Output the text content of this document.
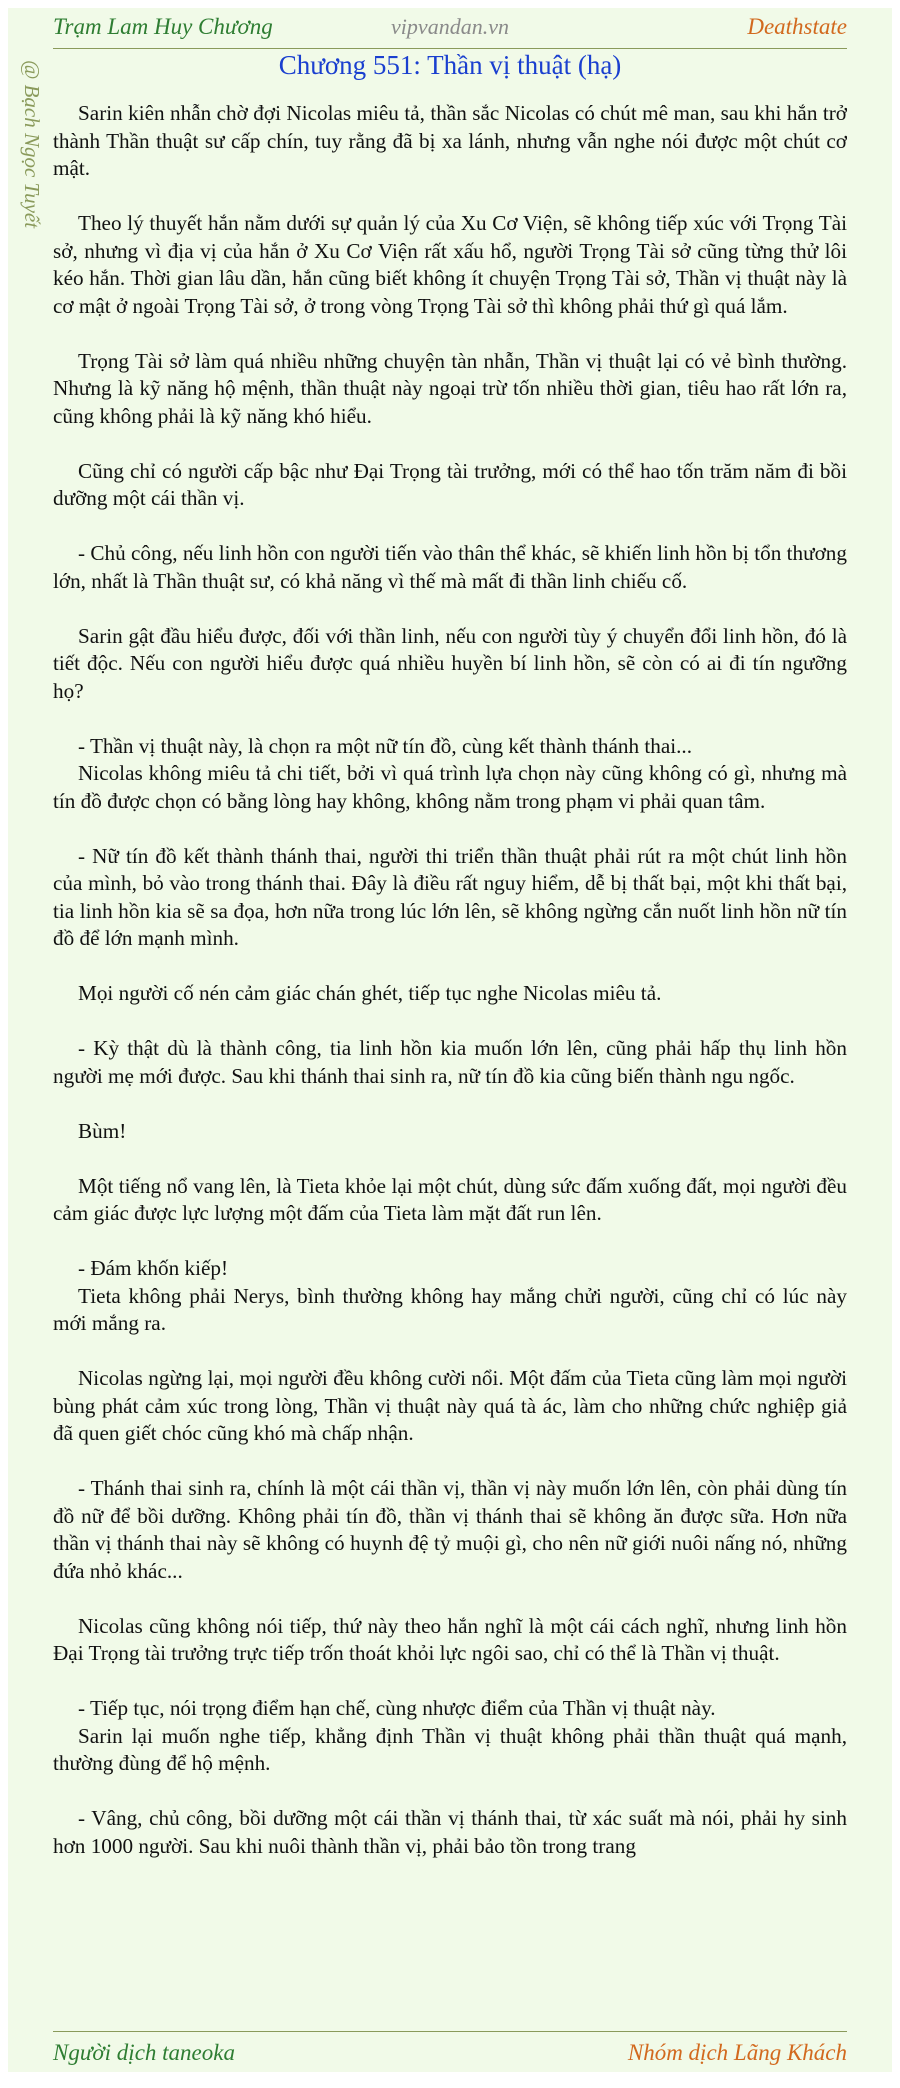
Trạm Lam Huy Chương	vipvandan.vn	Deathstate
@ Bạch Ngọc Tuyết	Chương 551: Thần vị thuật (hạ)

Sarin kiên nhẫn chờ đợi Nicolas miêu tả, thần sắc Nicolas có chút mê man, sau khi hắn trở thành Thần thuật sư cấp chín, tuy rằng đã bị xa lánh, nhưng vẫn nghe nói được một chút cơ mật.

Theo lý thuyết hắn nằm dưới sự quản lý của Xu Cơ Viện, sẽ không tiếp xúc với Trọng Tài sở, nhưng vì địa vị của hắn ở Xu Cơ Viện rất xấu hổ, người Trọng Tài sở cũng từng thử lôi kéo hắn. Thời gian lâu dần, hắn cũng biết không ít chuyện Trọng Tài sở, Thần vị thuật này là cơ mật ở ngoài Trọng Tài sở, ở trong vòng Trọng Tài sở thì không phải thứ gì quá lắm.

Trọng Tài sở làm quá nhiều những chuyện tàn nhẫn, Thần vị thuật lại có vẻ bình thường. Nhưng là kỹ năng hộ mệnh, thần thuật này ngoại trừ tốn nhiều thời gian, tiêu hao rất lớn ra, cũng không phải là kỹ năng khó hiểu.

Cũng chỉ có người cấp bậc như Đại Trọng tài trưởng, mới có thể hao tốn trăm năm đi bồi dưỡng một cái thần vị.

- Chủ công, nếu linh hồn con người tiến vào thân thể khác, sẽ khiến linh hồn bị tổn thương lớn, nhất là Thần thuật sư, có khả năng vì thế mà mất đi thần linh chiếu cố.

Sarin gật đầu hiểu được, đối với thần linh, nếu con người tùy ý chuyển đổi linh hồn, đó là tiết độc. Nếu con người hiểu được quá nhiều huyền bí linh hồn, sẽ còn có ai đi tín ngưỡng họ?

- Thần vị thuật này, là chọn ra một nữ tín đồ, cùng kết thành thánh thai...

Nicolas không miêu tả chi tiết, bởi vì quá trình lựa chọn này cũng không có gì, nhưng mà tín đồ được chọn có bằng lòng hay không, không nằm trong phạm vi phải quan tâm.

- Nữ tín đồ kết thành thánh thai, người thi triển thần thuật phải rút ra một chút linh hồn của mình, bỏ vào trong thánh thai. Đây là điều rất nguy hiểm, dễ bị thất bại, một khi thất bại, tia linh hồn kia sẽ sa đọa, hơn nữa trong lúc lớn lên, sẽ không ngừng cắn nuốt linh hồn nữ tín đồ để lớn mạnh mình.

Mọi người cố nén cảm giác chán ghét, tiếp tục nghe Nicolas miêu tả.

- Kỳ thật dù là thành công, tia linh hồn kia muốn lớn lên, cũng phải hấp thụ linh hồn người mẹ mới được. Sau khi thánh thai sinh ra, nữ tín đồ kia cũng biến thành ngu ngốc.

Bùm!

Một tiếng nổ vang lên, là Tieta khỏe lại một chút, dùng sức đấm xuống đất, mọi người đều cảm giác được lực lượng một đấm của Tieta làm mặt đất run lên.

- Đám khốn kiếp!

Tieta không phải Nerys, bình thường không hay mắng chửi người, cũng chỉ có lúc này mới mắng ra.

Nicolas ngừng lại, mọi người đều không cười nổi. Một đấm của Tieta cũng làm mọi người bùng phát cảm xúc trong lòng, Thần vị thuật này quá tà ác, làm cho những chức nghiệp giả đã quen giết chóc cũng khó mà chấp nhận.

- Thánh thai sinh ra, chính là một cái thần vị, thần vị này muốn lớn lên, còn phải dùng tín đồ nữ để bồi dưỡng. Không phải tín đồ, thần vị thánh thai sẽ không ăn được sữa. Hơn nữa thần vị thánh thai này sẽ không có huynh đệ tỷ muội gì, cho nên nữ giới nuôi nấng nó, những đứa nhỏ khác...

Nicolas cũng không nói tiếp, thứ này theo hắn nghĩ là một cái cách nghĩ, nhưng linh hồn Đại Trọng tài trưởng trực tiếp trốn thoát khỏi lực ngôi sao, chỉ có thể là Thần vị thuật.

- Tiếp tục, nói trọng điểm hạn chế, cùng nhược điểm của Thần vị thuật này.

Sarin lại muốn nghe tiếp, khẳng định Thần vị thuật không phải thần thuật quá mạnh, thường đùng để hộ mệnh.

- Vâng, chủ công, bồi dưỡng một cái thần vị thánh thai, từ xác suất mà nói, phải hy sinh hơn 1000 người. Sau khi nuôi thành thần vị, phải bảo tồn trong trang

Người dịch taneoka	Nhóm dịch Lãng Khách
